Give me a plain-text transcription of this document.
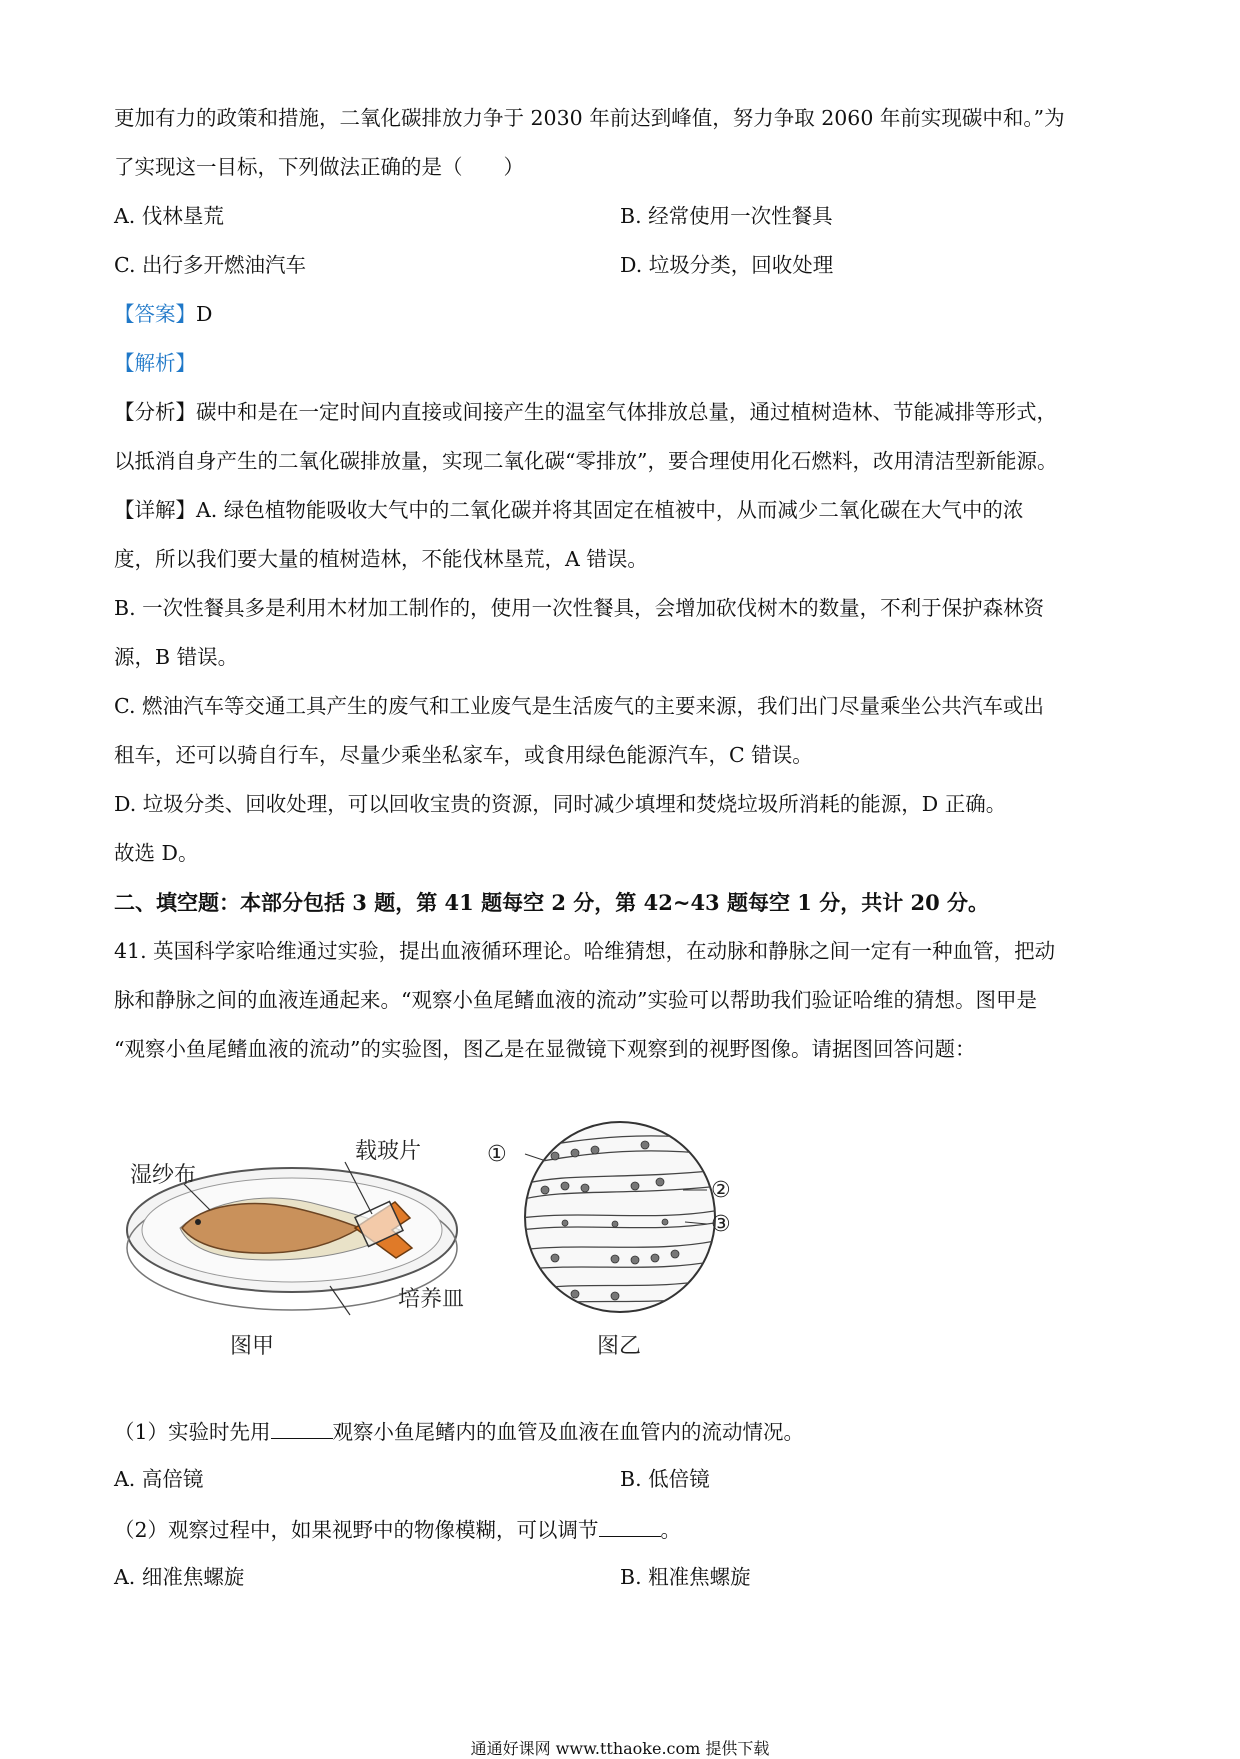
更加有力的政策和措施，二氧化碳排放力争于 2030 年前达到峰值，努力争取 2060 年前实现碳中和。”为
了实现这一目标，下列做法正确的是（　　）
A. 伐林垦荒	B. 经常使用一次性餐具
C. 出行多开燃油汽车	D. 垃圾分类，回收处理
【答案】D
【解析】
【分析】碳中和是在一定时间内直接或间接产生的温室气体排放总量，通过植树造林、节能减排等形式，
以抵消自身产生的二氧化碳排放量，实现二氧化碳“零排放”，要合理使用化石燃料，改用清洁型新能源。
【详解】A. 绿色植物能吸收大气中的二氧化碳并将其固定在植被中，从而减少二氧化碳在大气中的浓
度，所以我们要大量的植树造林，不能伐林垦荒，A 错误。
B. 一次性餐具多是利用木材加工制作的，使用一次性餐具，会增加砍伐树木的数量，不利于保护森林资
源，B 错误。
C. 燃油汽车等交通工具产生的废气和工业废气是生活废气的主要来源，我们出门尽量乘坐公共汽车或出
租车，还可以骑自行车，尽量少乘坐私家车，或食用绿色能源汽车，C 错误。
D. 垃圾分类、回收处理，可以回收宝贵的资源，同时减少填埋和焚烧垃圾所消耗的能源，D 正确。
故选 D。
二、填空题：本部分包括 3 题，第 41 题每空 2 分，第 42~43 题每空 1 分，共计 20 分。
41. 英国科学家哈维通过实验，提出血液循环理论。哈维猜想，在动脉和静脉之间一定有一种血管，把动
脉和静脉之间的血液连通起来。“观察小鱼尾鳍血液的流动”实验可以帮助我们验证哈维的猜想。图甲是
“观察小鱼尾鳍血液的流动”的实验图，图乙是在显微镜下观察到的视野图像。请据图回答问题：
湿纱布
载玻片
培养皿
图甲
①
②
③
图乙
（1）实验时先用	观察小鱼尾鳍内的血管及血液在血管内的流动情况。
A. 高倍镜	B. 低倍镜
（2）观察过程中，如果视野中的物像模糊，可以调节	。
A. 细准焦螺旋	B. 粗准焦螺旋
通通好课网 www.tthaoke.com 提供下载
